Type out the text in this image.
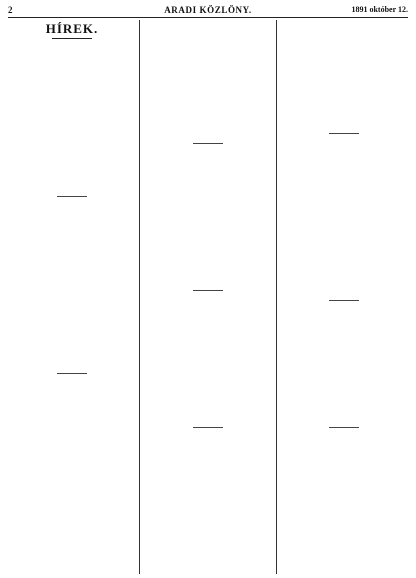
2	ARADI KÖZLÖNY.	1891 október 12.
HÍREK.
